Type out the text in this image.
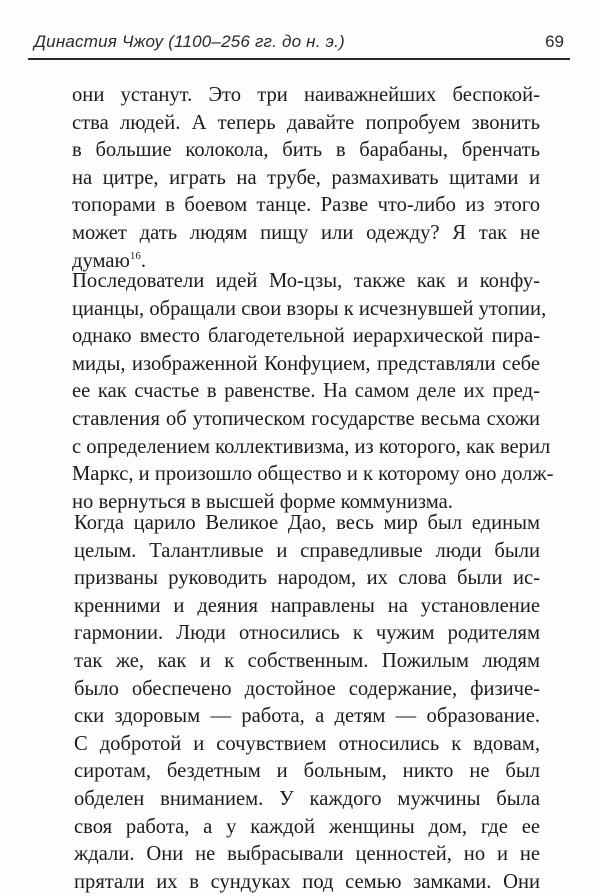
Династия Чжоу (1100–256 гг. до н. э.)	69
они устанут. Это три наиважнейших беспокой-
ства людей. А теперь давайте попробуем звонить
в большие колокола, бить в барабаны, бренчать
на цитре, играть на трубе, размахивать щитами и
топорами в боевом танце. Разве что-либо из этого
может дать людям пищу или одежду? Я так не
думаю$^{16}$.
Последователи идей Мо-цзы, также как и конфу-
цианцы, обращали свои взоры к исчезнувшей утопии,
однако вместо благодетельной иерархической пира-
миды, изображенной Конфуцием, представляли себе
ее как счастье в равенстве. На самом деле их пред-
ставления об утопическом государстве весьма схожи
с определением коллективизма, из которого, как верил
Маркс, и произошло общество и к которому оно долж-
но вернуться в высшей форме коммунизма.
Когда царило Великое Дао, весь мир был единым
целым. Талантливые и справедливые люди были
призваны руководить народом, их слова были ис-
кренними и деяния направлены на установление
гармонии. Люди относились к чужим родителям
так же, как и к собственным. Пожилым людям
было обеспечено достойное содержание, физиче-
ски здоровым — работа, а детям — образование.
С добротой и сочувствием относились к вдовам,
сиротам, бездетным и больным, никто не был
обделен вниманием. У каждого мужчины была
своя работа, а у каждой женщины дом, где ее
ждали. Они не выбрасывали ценностей, но и не
прятали их в сундуках под семью замками. Они
